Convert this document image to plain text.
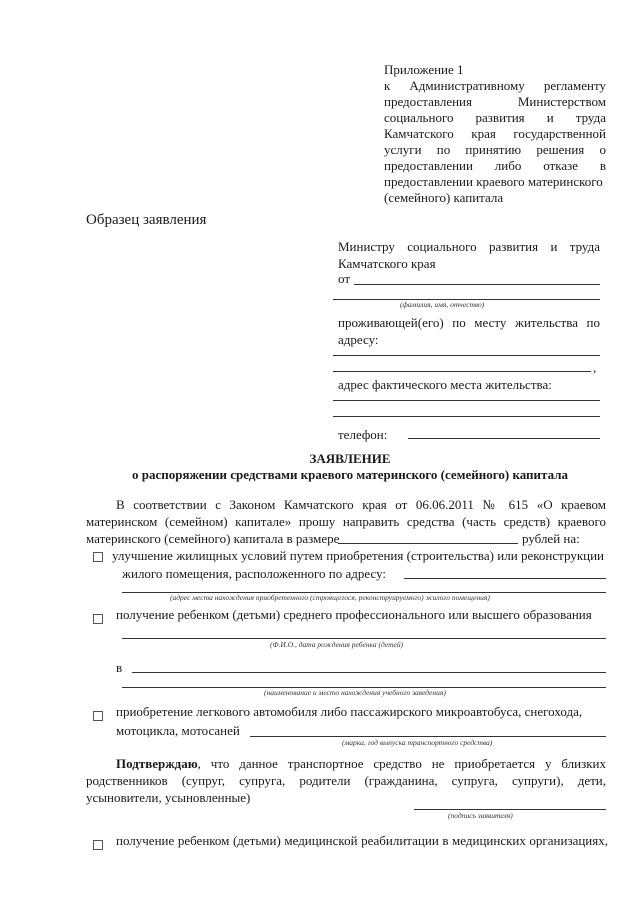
Приложение 1
к Административному регламенту
предоставления Министерством
социального развития и труда
Камчатского края государственной
услуги по принятию решения о
предоставлении либо отказе в
предоставлении краевого материнского
(семейного) капитала
Образец заявления
Министру социального развития и труда
Камчатского края
от
(фамилия, имя, отчество)
проживающей(его) по месту жительства по
адресу:
,
адрес фактического места жительства:
телефон:
ЗАЯВЛЕНИЕ
о распоряжении средствами краевого материнского (семейного) капитала
В соответствии с Законом Камчатского края от 06.06.2011 № 615 «О краевом
материнском (семейном) капитале» прошу направить средства (часть средств) краевого
материнского (семейного) капитала в размере	рублей на:
улучшение жилищных условий путем приобретения (строительства) или реконструкции
жилого помещения, расположенного по адресу:
(адрес места нахождения приобретенного (строящегося, реконструируемого) жилого помещения)
получение ребенком (детьми) среднего профессионального или высшего образования
(Ф.И.О., дата рождения ребенка (детей)
в
(наименование и место нахождения учебного заведения)
приобретение легкового автомобиля либо пассажирского микроавтобуса, снегохода,
мотоцикла, мотосаней
(марка, год выпуска транспортного средства)
Подтверждаю , что данное транспортное средство не приобретается у близких
родственников (супруг, супруга, родители (гражданина, супруга, супруги), дети,
усыновители, усыновленные)
(подпись заявителя)
получение ребенком (детьми) медицинской реабилитации в медицинских организациях,
